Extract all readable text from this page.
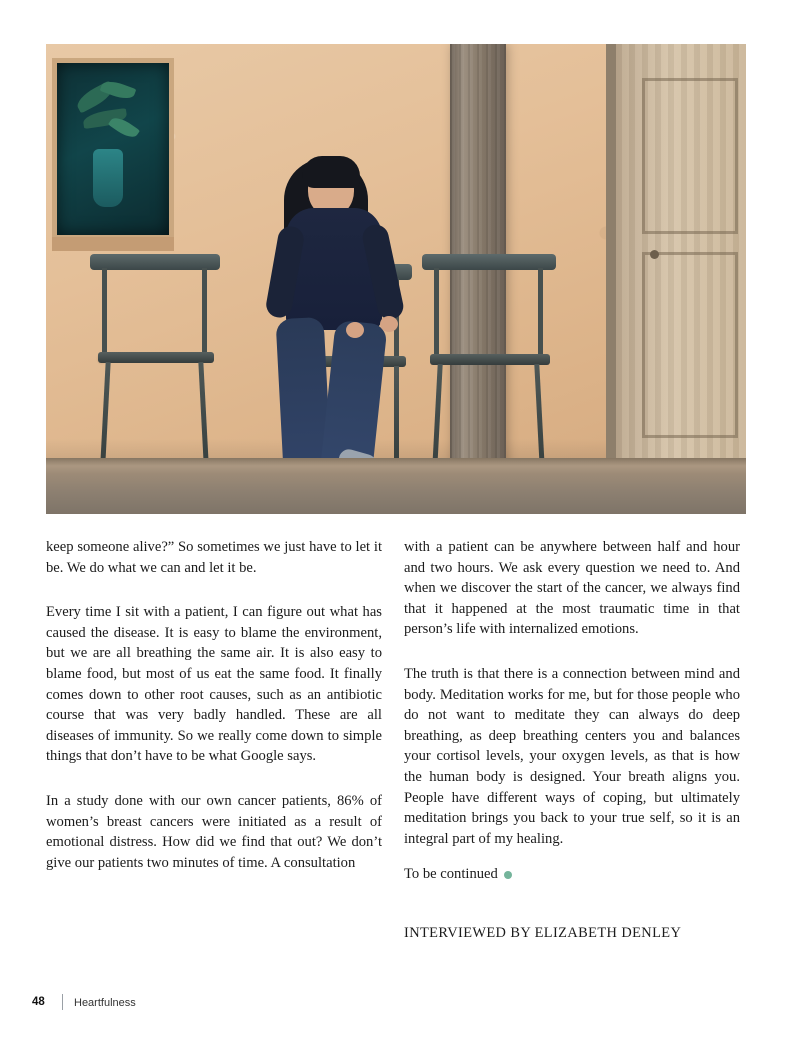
keep someone alive?” So sometimes we just have to let it be. We do what we can and let it be.

Every time I sit with a patient, I can figure out what has caused the disease. It is easy to blame the environment, but we are all breathing the same air. It is also easy to blame food, but most of us eat the same food. It finally comes down to other root causes, such as an antibiotic course that was very badly handled. These are all diseases of immunity. So we really come down to simple things that don’t have to be what Google says.

In a study done with our own cancer patients, 86% of women’s breast cancers were initiated as a result of emotional distress. How did we find that out? We don’t give our patients two minutes of time. A consultation

with a patient can be anywhere between half and hour and two hours. We ask every question we need to. And when we discover the start of the cancer, we always find that it happened at the most traumatic time in that person’s life with internalized emotions.

The truth is that there is a connection between mind and body. Meditation works for me, but for those people who do not want to meditate they can always do deep breathing, as deep breathing centers you and balances your cortisol levels, your oxygen levels, as that is how the human body is designed. Your breath aligns you. People have different ways of coping, but ultimately meditation brings you back to your true self, so it is an integral part of my healing.

To be continued
INTERVIEWED BY ELIZABETH DENLEY
48	Heartfulness
